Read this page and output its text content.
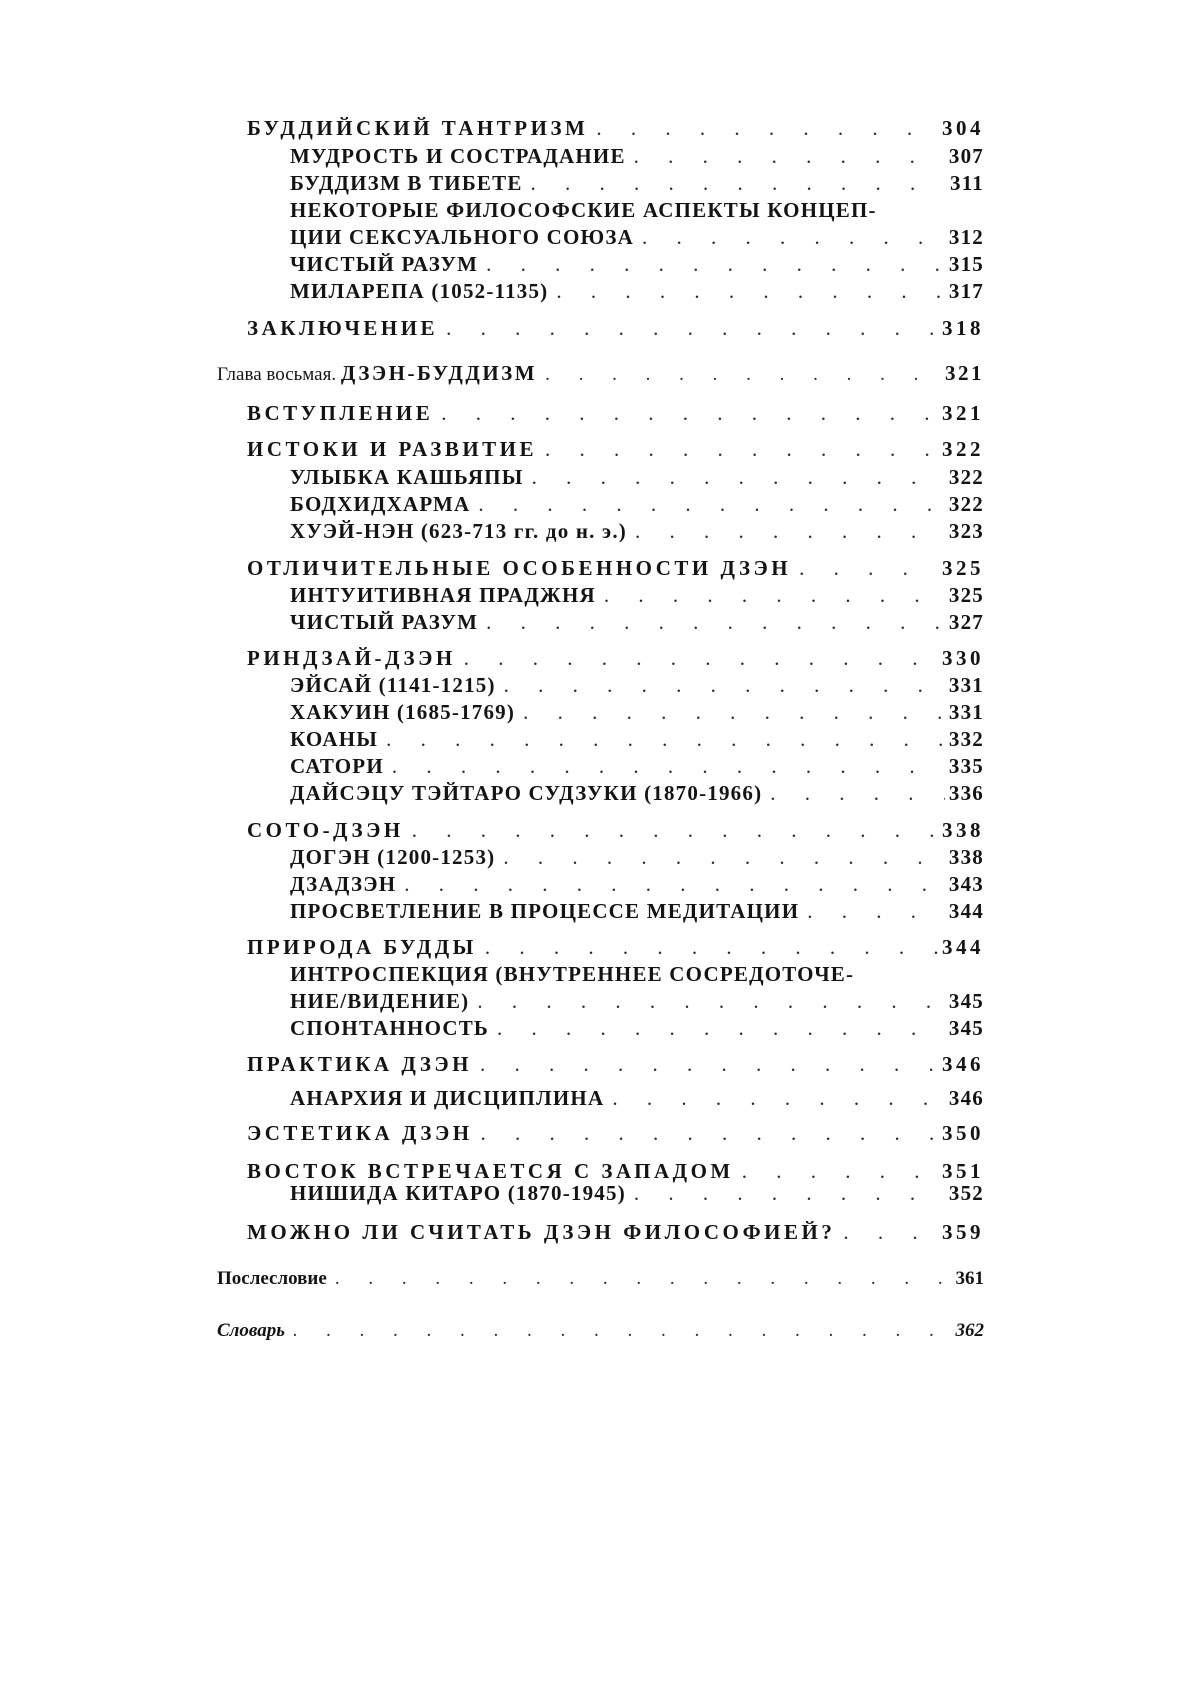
БУДДИЙСКИЙ ТАНТРИЗМ . . .	304
МУДРОСТЬ И СОСТРАДАНИЕ . . .	307
БУДДИЗМ В ТИБЕТЕ . . .	311
НЕКОТОРЫЕ ФИЛОСОФСКИЕ АСПЕКТЫ КОНЦЕП-
ЦИИ СЕКСУАЛЬНОГО СОЮЗА . . .	312
ЧИСТЫЙ РАЗУМ . . .	315
МИЛАРЕПА (1052-1135) . . .	317
ЗАКЛЮЧЕНИЕ . . .	318
Глава восьмая. ДЗЭН-БУДДИЗМ . . .	321
ВСТУПЛЕНИЕ . . .	321
ИСТОКИ И РАЗВИТИЕ . . .	322
УЛЫБКА КАШЬЯПЫ . . .	322
БОДХИДХАРМА . . .	322
ХУЭЙ-НЭН (623-713 гг. до н. э.) . . .	323
ОТЛИЧИТЕЛЬНЫЕ ОСОБЕННОСТИ ДЗЭН . . .	325
ИНТУИТИВНАЯ ПРАДЖНЯ . . .	325
ЧИСТЫЙ РАЗУМ . . .	327
РИНДЗАЙ-ДЗЭН . . .	330
ЭЙСАЙ (1141-1215) . . .	331
ХАКУИН (1685-1769) . . .	331
КОАНЫ . . .	332
САТОРИ . . .	335
ДАЙСЭЦУ ТЭЙТАРО СУДЗУКИ (1870-1966) . . .	336
СОТО-ДЗЭН . . .	338
ДОГЭН (1200-1253) . . .	338
ДЗАДЗЭН . . .	343
ПРОСВЕТЛЕНИЕ В ПРОЦЕССЕ МЕДИТАЦИИ . . .	344
ПРИРОДА БУДДЫ . . .	344
ИНТРОСПЕКЦИЯ (ВНУТРЕННЕЕ СОСРЕДОТОЧЕ-
НИЕ/ВИДЕНИЕ) . . .	345
СПОНТАННОСТЬ . . .	345
ПРАКТИКА ДЗЭН . . .	346
АНАРХИЯ И ДИСЦИПЛИНА . . .	346
ЭСТЕТИКА ДЗЭН . . .	350
ВОСТОК ВСТРЕЧАЕТСЯ С ЗАПАДОМ . . .	351
НИШИДА КИТАРО (1870-1945) . . .	352
МОЖНО ЛИ СЧИТАТЬ ДЗЭН ФИЛОСОФИЕЙ? . . .	359
Послесловие . . .	361
Словарь . . .	362
